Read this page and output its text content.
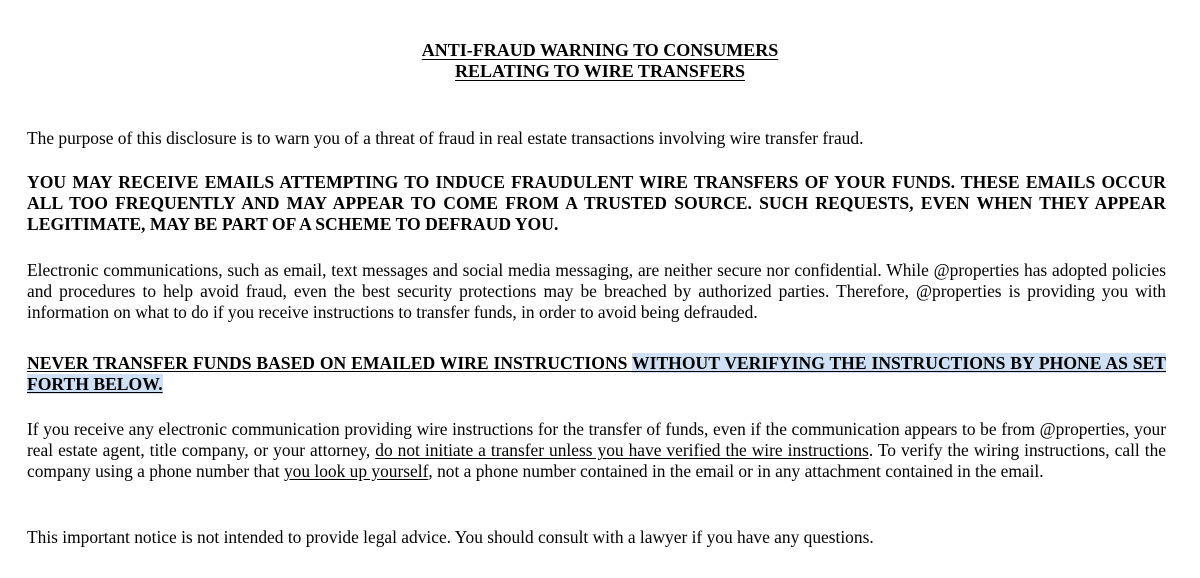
ANTI-FRAUD WARNING TO CONSUMERS
RELATING TO WIRE TRANSFERS

The purpose of this disclosure is to warn you of a threat of fraud in real estate transactions involving wire transfer fraud.

YOU MAY RECEIVE EMAILS ATTEMPTING TO INDUCE FRAUDULENT WIRE TRANSFERS OF YOUR FUNDS. THESE EMAILS OCCUR ALL TOO FREQUENTLY AND MAY APPEAR TO COME FROM A TRUSTED SOURCE. SUCH REQUESTS, EVEN WHEN THEY APPEAR LEGITIMATE, MAY BE PART OF A SCHEME TO DEFRAUD YOU.

Electronic communications, such as email, text messages and social media messaging, are neither secure nor confidential. While @properties has adopted policies and procedures to help avoid fraud, even the best security protections may be breached by authorized parties. Therefore, @properties is providing you with information on what to do if you receive instructions to transfer funds, in order to avoid being defrauded.

NEVER TRANSFER FUNDS BASED ON EMAILED WIRE INSTRUCTIONS WITHOUT VERIFYING THE INSTRUCTIONS BY PHONE AS SET FORTH BELOW.

If you receive any electronic communication providing wire instructions for the transfer of funds, even if the communication appears to be from @properties, your real estate agent, title company, or your attorney, do not initiate a transfer unless you have verified the wire instructions. To verify the wiring instructions, call the company using a phone number that you look up yourself, not a phone number contained in the email or in any attachment contained in the email.

This important notice is not intended to provide legal advice. You should consult with a lawyer if you have any questions.
